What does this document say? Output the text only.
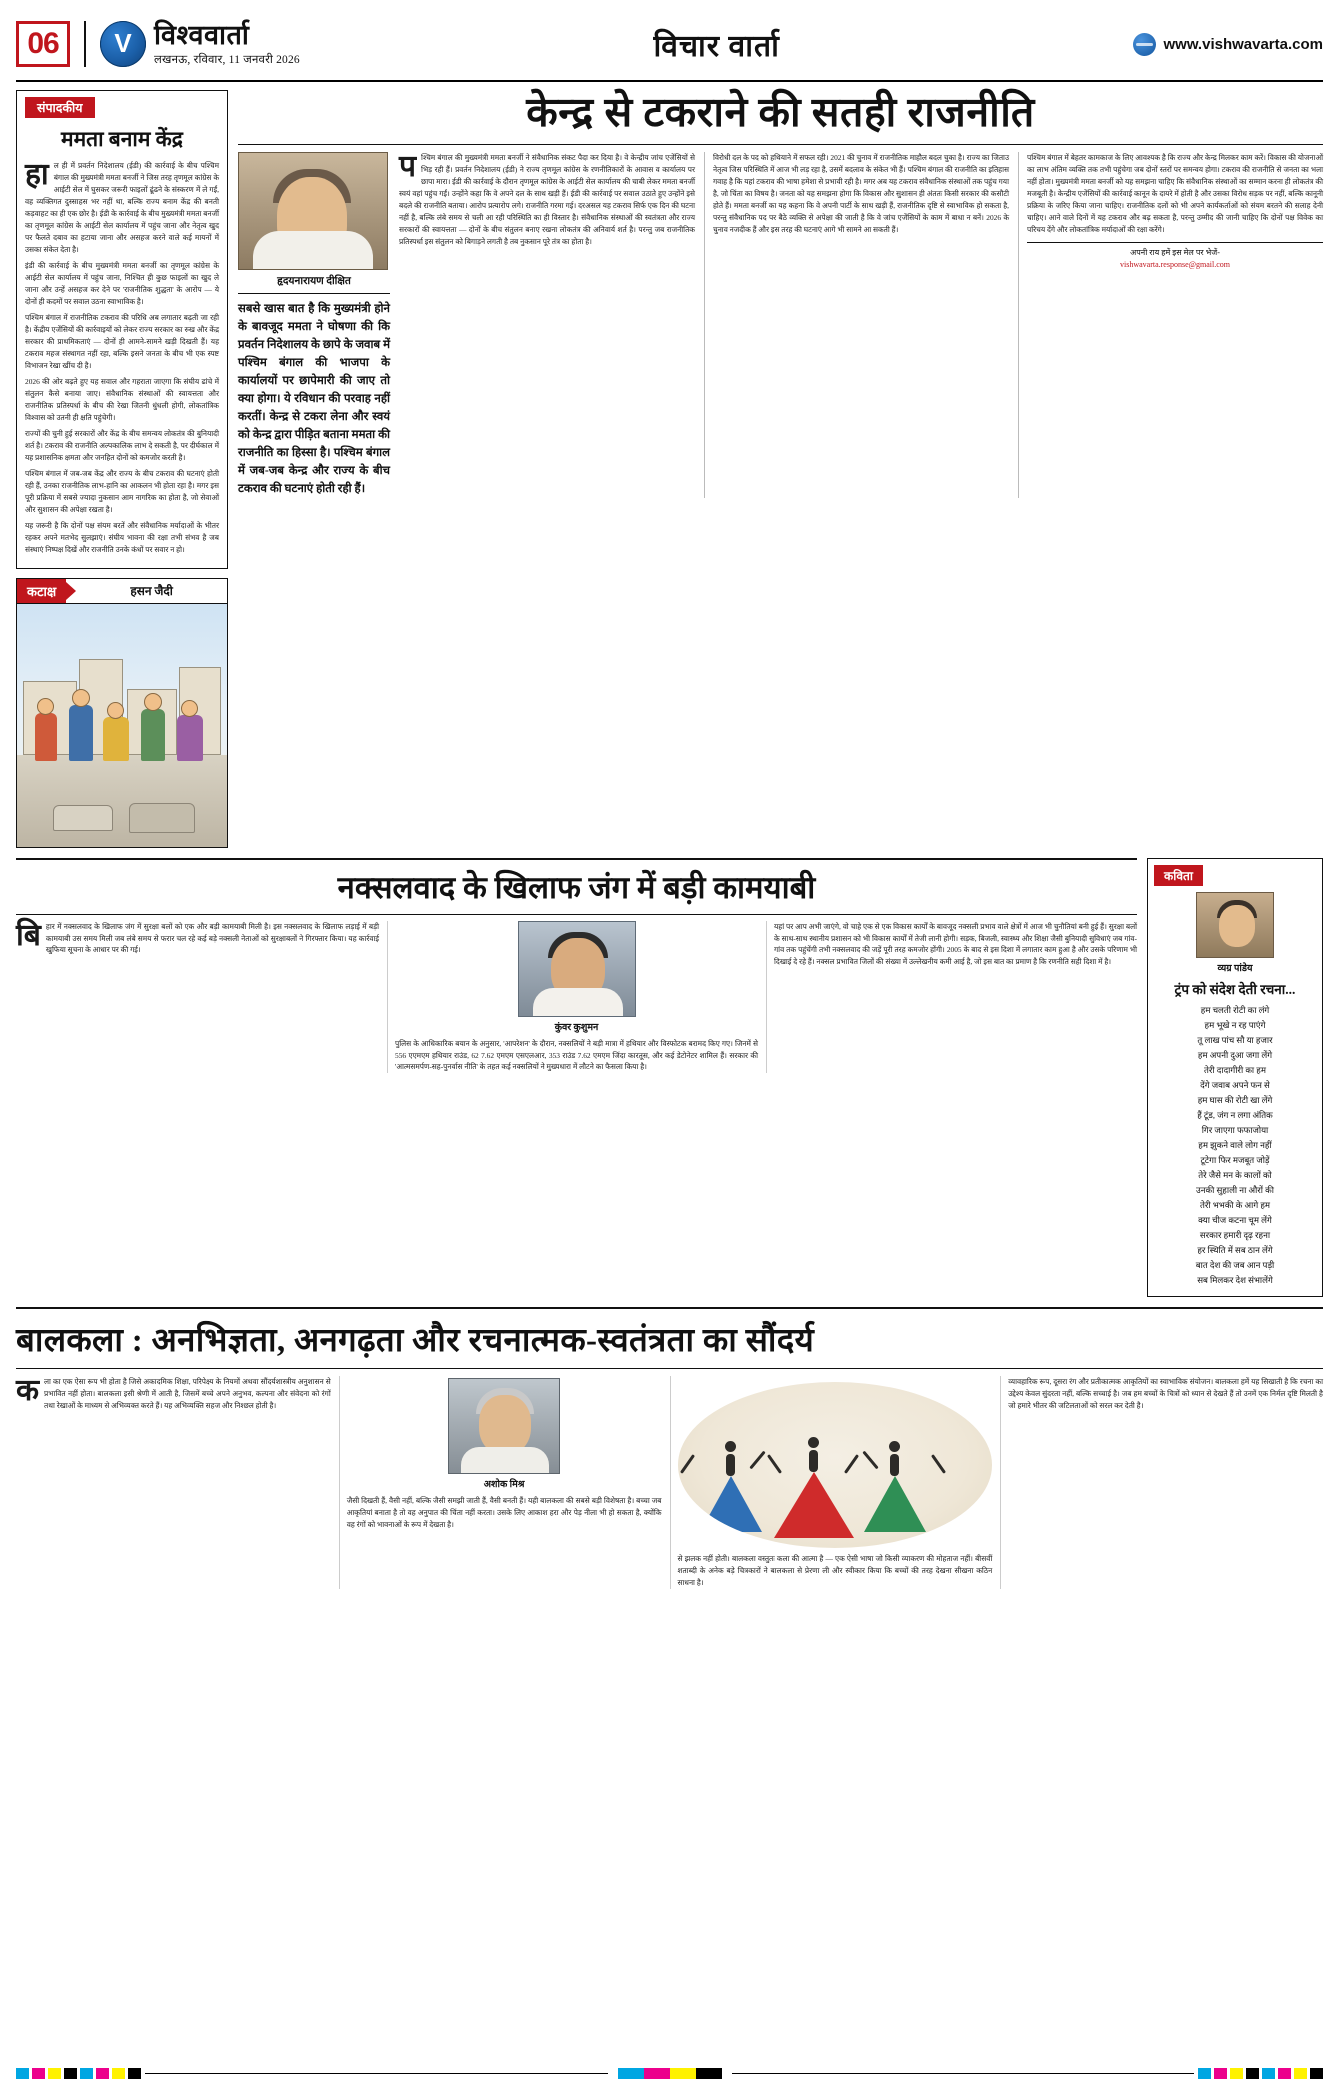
06	V विश्ववार्ता
लखनऊ, रविवार, 11 जनवरी 2026	विचार वार्ता	www.vishwavarta.com
संपादकीय
ममता बनाम केंद्र

हाल ही में प्रवर्तन निदेशालय (ईडी) की कार्रवाई के बीच पश्चिम बंगाल की मुख्यमंत्री ममता बनर्जी ने जिस तरह तृणमूल कांग्रेस के आईटी सेल में घुसकर जरूरी फाइलों ढूंढने के संस्करण में ले गईं, वह व्यक्तिगत दुस्साहस भर नहीं था, बल्कि राज्य बनाम केंद्र की बनती कड़वाहट का ही एक छोर है। ईडी के कार्रवाई के बीच मुख्यमंत्री ममता बनर्जी का तृणमूल कांग्रेस के आईटी सेल कार्यालय में पहुंच जाना और नेतृत्व खुद पर फैलते दबाव का हटाया जाना और असहज करने वाले कई मायनों में उसका संकेत देता है।

इंडी की कार्रवाई के बीच मुख्यमंत्री ममता बनर्जी का तृणमूल कांग्रेस के आईटी सेल कार्यालय में पहुंच जाना, निश्चित ही कुछ फाइलों का खुद ले जाना और उन्हें असहज कर देने पर 'राजनीतिक शुद्धता' के आरोप — ये दोनों ही कदमों पर सवाल उठना स्वाभाविक है।

पश्चिम बंगाल में राजनीतिक टकराव की परिधि अब लगातार बढ़ती जा रही है। केंद्रीय एजेंसियों की कार्रवाइयों को लेकर राज्य सरकार का रुख और केंद्र सरकार की प्राथमिकताएं — दोनों ही आमने-सामने खड़ी दिखती हैं। यह टकराव महज संस्थागत नहीं रहा, बल्कि इसने जनता के बीच भी एक स्पष्ट विभाजन रेखा खींच दी है।

2026 की ओर बढ़ते हुए यह सवाल और गहराता जाएगा कि संघीय ढांचे में संतुलन कैसे बनाया जाए। संवैधानिक संस्थाओं की स्वायत्तता और राजनीतिक प्रतिस्पर्धा के बीच की रेखा जितनी धुंधली होगी, लोकतांत्रिक विश्वास को उतनी ही क्षति पहुंचेगी।

राज्यों की चुनी हुई सरकारों और केंद्र के बीच समन्वय लोकतंत्र की बुनियादी शर्त है। टकराव की राजनीति अल्पकालिक लाभ दे सकती है, पर दीर्घकाल में यह प्रशासनिक क्षमता और जनहित दोनों को कमजोर करती है।

पश्चिम बंगाल में जब-जब केंद्र और राज्य के बीच टकराव की घटनाएं होती रही हैं, उनका राजनीतिक लाभ-हानि का आकलन भी होता रहा है। मगर इस पूरी प्रक्रिया में सबसे ज्यादा नुकसान आम नागरिक का होता है, जो सेवाओं और सुशासन की अपेक्षा रखता है।

यह जरूरी है कि दोनों पक्ष संयम बरतें और संवैधानिक मर्यादाओं के भीतर रहकर अपने मतभेद सुलझाएं। संघीय भावना की रक्षा तभी संभव है जब संस्थाएं निष्पक्ष दिखें और राजनीति उनके कंधों पर सवार न हो।

कटाक्ष	हसन जैदी
केन्द्र से टकराने की सतही राजनीति
हृदयनारायण दीक्षित
सबसे खास बात है कि मुख्यमंत्री होने के बावजूद ममता ने घोषणा की कि प्रवर्तन निदेशालय के छापे के जवाब में पश्चिम बंगाल की भाजपा के कार्यालयों पर छापेमारी की जाए तो क्या होगा। ये रविधान की परवाह नहीं करतीं। केन्द्र से टकरा लेना और स्वयं को केन्द्र द्वारा पीड़ित बताना ममता की राजनीति का हिस्सा है। पश्चिम बंगाल में जब-जब केन्द्र और राज्य के बीच टकराव की घटनाएं होती रही हैं।
पश्चिम बंगाल की मुख्यमंत्री ममता बनर्जी ने संवैधानिक संकट पैदा कर दिया है। वे केन्द्रीय जांच एजेंसियों से भिड़ रही हैं। प्रवर्तन निदेशालय (ईडी) ने राज्य तृणमूल कांग्रेस के रणनीतिकारों के आवास व कार्यालय पर छापा मारा। ईडी की कार्रवाई के दौरान तृणमूल कांग्रेस के आईटी सेल कार्यालय की चाबी लेकर ममता बनर्जी स्वयं वहां पहुंच गईं। उन्होंने कहा कि वे अपने दल के साथ खड़ी हैं। ईडी की कार्रवाई पर सवाल उठाते हुए उन्होंने इसे बदले की राजनीति बताया। आरोप प्रत्यारोप लगे। राजनीति गरमा गई। दरअसल यह टकराव सिर्फ एक दिन की घटना नहीं है, बल्कि लंबे समय से चली आ रही परिस्थिति का ही विस्तार है। संवैधानिक संस्थाओं की स्वतंत्रता और राज्य सरकारों की स्वायत्तता — दोनों के बीच संतुलन बनाए रखना लोकतंत्र की अनिवार्य शर्त है। परन्तु जब राजनीतिक प्रतिस्पर्धा इस संतुलन को बिगाड़ने लगती है तब नुकसान पूरे तंत्र का होता है।
विरोधी दल के पद को हथियाने में सफल रही। 2021 की चुनाव में राजनीतिक माहौल बदल चुका है। राज्य का जिताउ नेतृत्व जिस परिस्थिति में आज भी लड़ रहा है, उसमें बदलाव के संकेत भी हैं। पश्चिम बंगाल की राजनीति का इतिहास गवाह है कि यहां टकराव की भाषा हमेशा से प्रभावी रही है। मगर अब यह टकराव संवैधानिक संस्थाओं तक पहुंच गया है, जो चिंता का विषय है। जनता को यह समझना होगा कि विकास और सुशासन ही अंततः किसी सरकार की कसौटी होते हैं। ममता बनर्जी का यह कहना कि वे अपनी पार्टी के साथ खड़ी हैं, राजनीतिक दृष्टि से स्वाभाविक हो सकता है, परन्तु संवैधानिक पद पर बैठे व्यक्ति से अपेक्षा की जाती है कि वे जांच एजेंसियों के काम में बाधा न बनें। 2026 के चुनाव नजदीक हैं और इस तरह की घटनाएं आगे भी सामने आ सकती हैं।
पश्चिम बंगाल में बेहतर कामकाज के लिए आवश्यक है कि राज्य और केन्द्र मिलकर काम करें। विकास की योजनाओं का लाभ अंतिम व्यक्ति तक तभी पहुंचेगा जब दोनों स्तरों पर समन्वय होगा। टकराव की राजनीति से जनता का भला नहीं होता। मुख्यमंत्री ममता बनर्जी को यह समझना चाहिए कि संवैधानिक संस्थाओं का सम्मान करना ही लोकतंत्र की मजबूती है। केन्द्रीय एजेंसियों की कार्रवाई कानून के दायरे में होती है और उसका विरोध सड़क पर नहीं, बल्कि कानूनी प्रक्रिया के जरिए किया जाना चाहिए। राजनीतिक दलों को भी अपने कार्यकर्ताओं को संयम बरतने की सलाह देनी चाहिए। आने वाले दिनों में यह टकराव और बढ़ सकता है, परन्तु उम्मीद की जानी चाहिए कि दोनों पक्ष विवेक का परिचय देंगे और लोकतांत्रिक मर्यादाओं की रक्षा करेंगे।
अपनी राय हमें इस मेल पर भेजें-
vishwavarta.response@gmail.com
नक्सलवाद के खिलाफ जंग में बड़ी कामयाबी
बिहार में नक्सलवाद के खिलाफ जंग में सुरक्षा बलों को एक और बड़ी कामयाबी मिली है। इस नक्सलवाद के खिलाफ लड़ाई में बड़ी कामयाबी उस समय मिली जब लंबे समय से फरार चल रहे कई बड़े नक्सली नेताओं को सुरक्षाबलों ने गिरफ्तार किया। यह कार्रवाई खुफिया सूचना के आधार पर की गई।
कुंवर कुशुमन
पुलिस के आधिकारिक बयान के अनुसार, 'आपरेशन' के दौरान, नक्सलियों ने बड़ी मात्रा में हथियार और विस्फोटक बरामद किए गए। जिनमें से 556 एएमएम हथियार राउंड, 62 7.62 एमएम एसएलआर, 353 राउंड 7.62 एमएम जिंदा कारतूस, और कई डेटोनेटर शामिल हैं। सरकार की 'आत्मसमर्पण-सह-पुनर्वास नीति' के तहत कई नक्सलियों ने मुख्यधारा में लौटने का फैसला किया है।
यहां पर आप अभी जाएंगे, वो चाहे एक से एक विकास कार्यों के बावजूद नक्सली प्रभाव वाले क्षेत्रों में आज भी चुनौतियां बनी हुई हैं। सुरक्षा बलों के साथ-साथ स्थानीय प्रशासन को भी विकास कार्यों में तेजी लानी होगी। सड़क, बिजली, स्वास्थ्य और शिक्षा जैसी बुनियादी सुविधाएं जब गांव-गांव तक पहुंचेंगी तभी नक्सलवाद की जड़ें पूरी तरह कमजोर होंगी। 2005 के बाद से इस दिशा में लगातार काम हुआ है और उसके परिणाम भी दिखाई दे रहे हैं। नक्सल प्रभावित जिलों की संख्या में उल्लेखनीय कमी आई है, जो इस बात का प्रमाण है कि रणनीति सही दिशा में है।
कविता
व्यग्र पांडेय
ट्रंप को संदेश देती रचना...

हम चलती रोटी का लंगे

हम भूखे न रह पाएंगे

तू लाख पांच सौ या हजार

हम अपनी दुआ जगा लेंगे

तेरी दादागीरी का हम

देंगे जवाब अपने फन से

हम घास की रोटी खा लेंगे

हैं टूंड, जंग न लगा अंतिक

गिर जाएगा फफाजोया

हम झुकने वाले लोग नहीं

टूटेगा फिर मजबूत जोड़ें

तेरे जैसे मन के कालों को

उनकी सुहाली ना औरों की

तेरी भभकी के आगे हम

क्या चीज कटना चूम लेंगे

सरकार हमारी दृढ़ रहना

हर स्थिति में सब ठान लेंगे

बात देश की जब आन पड़ी

सब मिलकर देश संभालेंगे

बालकला : अनभिज्ञता, अनगढ़ता और रचनात्मक-स्वतंत्रता का सौंदर्य
कला का एक ऐसा रूप भी होता है जिसे अकादमिक शिक्षा, परिपेक्ष्य के नियमों अथवा सौंदर्यशास्त्रीय अनुशासन से प्रभावित नहीं होता। बालकला इसी श्रेणी में आती है, जिसमें बच्चे अपने अनुभव, कल्पना और संवेदना को रंगों तथा रेखाओं के माध्यम से अभिव्यक्त करते हैं। यह अभिव्यक्ति सहज और निश्छल होती है।
अशोक मिश्र
जैसी दिखती हैं, वैसी नहीं, बल्कि जैसी समझी जाती हैं, वैसी बनती हैं। यही बालकला की सबसे बड़ी विशेषता है। बच्चा जब आकृतियां बनाता है तो वह अनुपात की चिंता नहीं करता। उसके लिए आकाश हरा और पेड़ नीला भी हो सकता है, क्योंकि वह रंगों को भावनाओं के रूप में देखता है।
से झलक नहीं होती। बालकला वस्तुतः कला की आत्मा है — एक ऐसी भाषा जो किसी व्याकरण की मोहताज नहीं। बीसवीं शताब्दी के अनेक बड़े चित्रकारों ने बालकला से प्रेरणा ली और स्वीकार किया कि बच्चों की तरह देखना सीखना कठिन साधना है।
व्यावहारिक रूप, दूसरा रंग और प्रतीकात्मक आकृतियों का स्वाभाविक संयोजन। बालकला हमें यह सिखाती है कि रचना का उद्देश्य केवल सुंदरता नहीं, बल्कि सच्चाई है। जब हम बच्चों के चित्रों को ध्यान से देखते हैं तो उनमें एक निर्मल दृष्टि मिलती है जो हमारे भीतर की जटिलताओं को सरल कर देती है।
